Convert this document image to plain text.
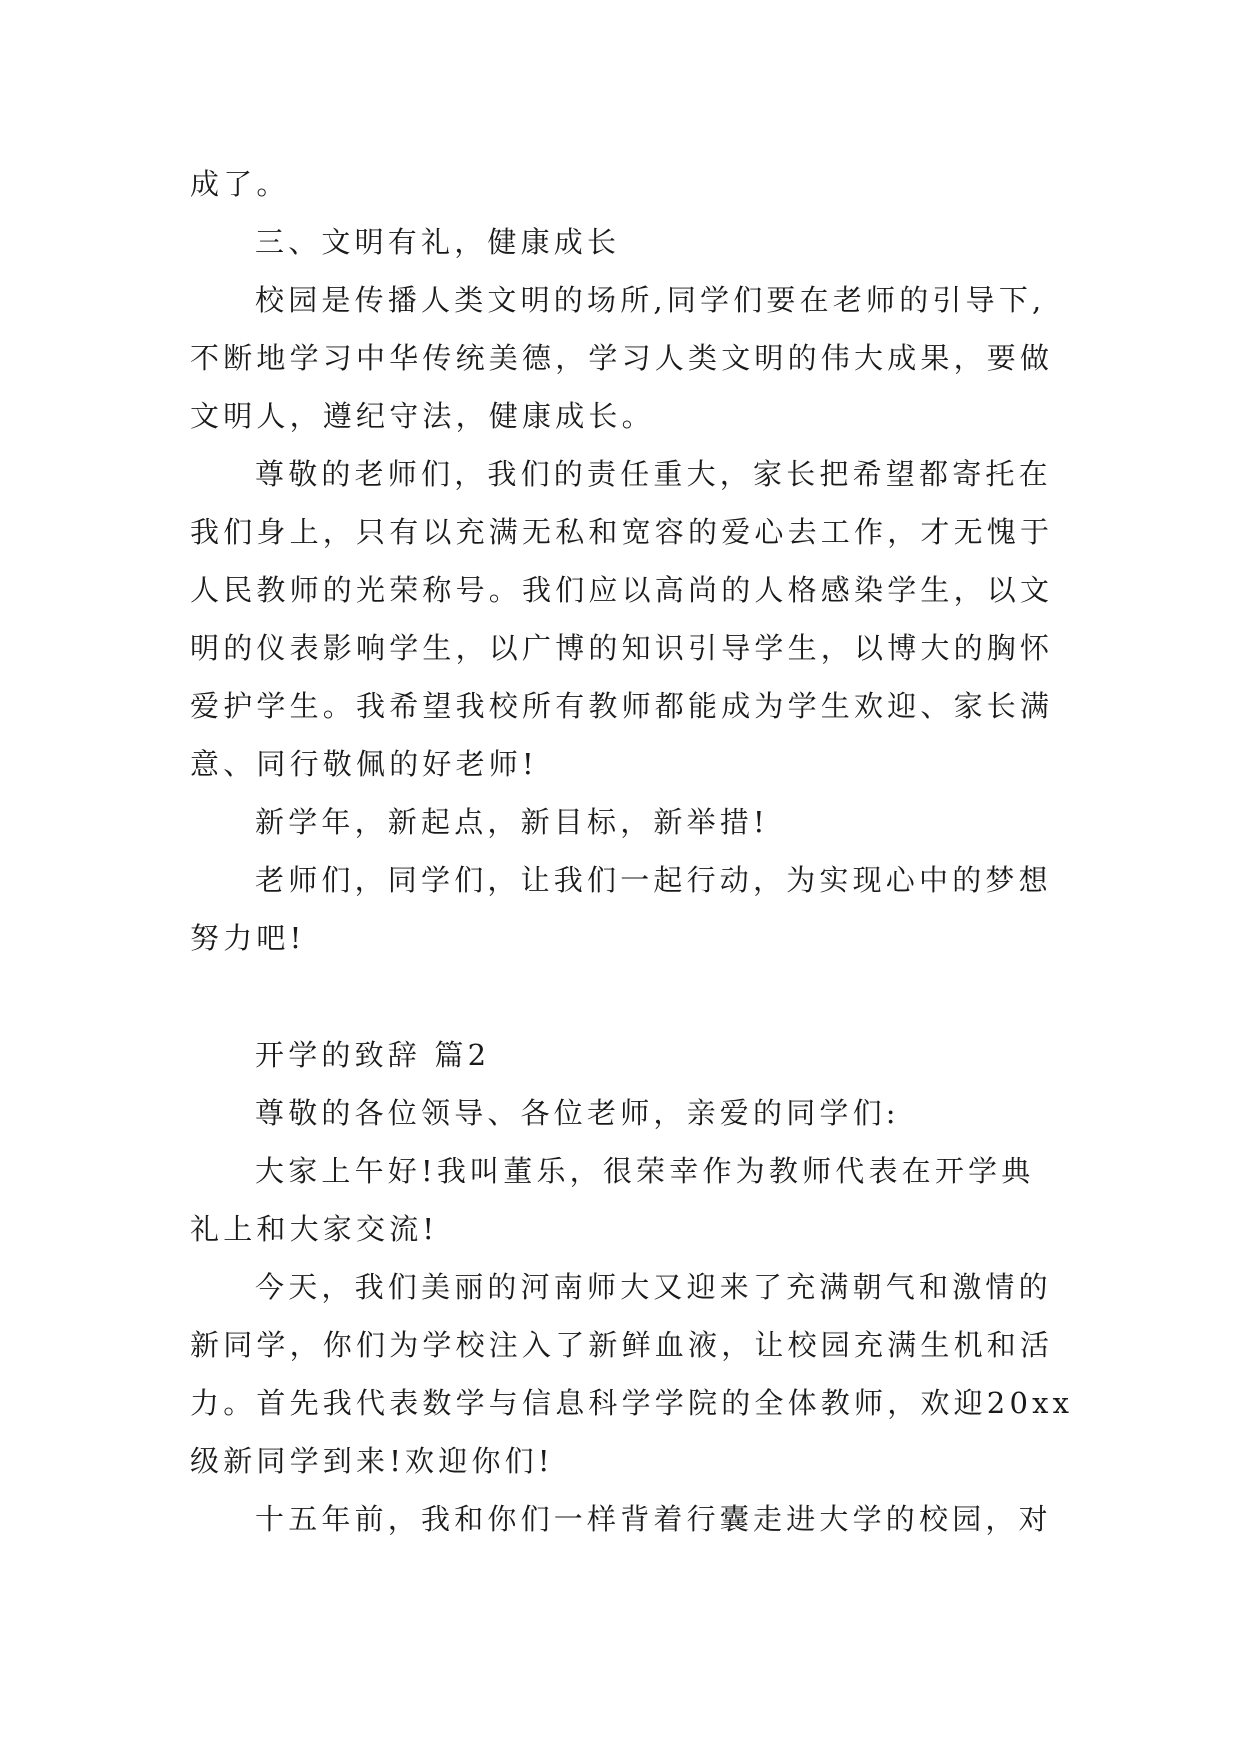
成了。
三、文明有礼，健康成长
校园是传播人类文明的场所,同学们要在老师的引导下,
不断地学习中华传统美德，学习人类文明的伟大成果，要做
文明人，遵纪守法，健康成长。
尊敬的老师们，我们的责任重大，家长把希望都寄托在
我们身上，只有以充满无私和宽容的爱心去工作，才无愧于
人民教师的光荣称号。我们应以高尚的人格感染学生，以文
明的仪表影响学生，以广博的知识引导学生，以博大的胸怀
爱护学生。我希望我校所有教师都能成为学生欢迎、家长满
意、同行敬佩的好老师!
新学年，新起点，新目标，新举措!
老师们，同学们，让我们一起行动，为实现心中的梦想
努力吧!
开学的致辞 篇2
尊敬的各位领导、各位老师，亲爱的同学们:
大家上午好!我叫董乐，很荣幸作为教师代表在开学典
礼上和大家交流!
今天，我们美丽的河南师大又迎来了充满朝气和激情的
新同学，你们为学校注入了新鲜血液，让校园充满生机和活
力。首先我代表数学与信息科学学院的全体教师，欢迎20xx
级新同学到来!欢迎你们!
十五年前，我和你们一样背着行囊走进大学的校园，对
